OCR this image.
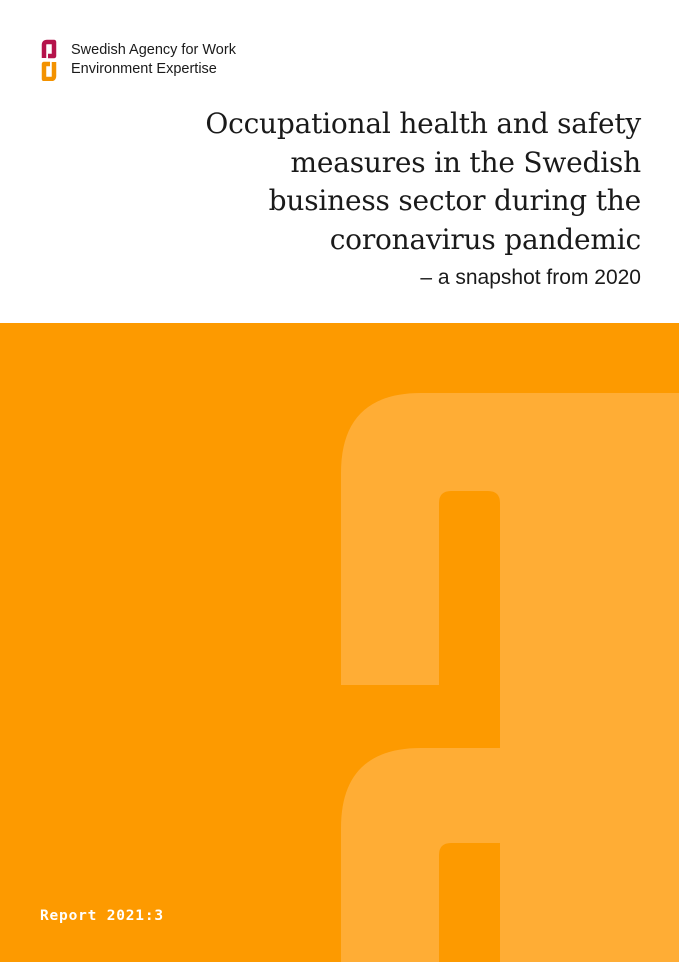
Swedish Agency for Work
Environment Expertise
Occupational health and safety
measures in the Swedish
business sector during the
coronavirus pandemic
– a snapshot from 2020
Report 2021:3
